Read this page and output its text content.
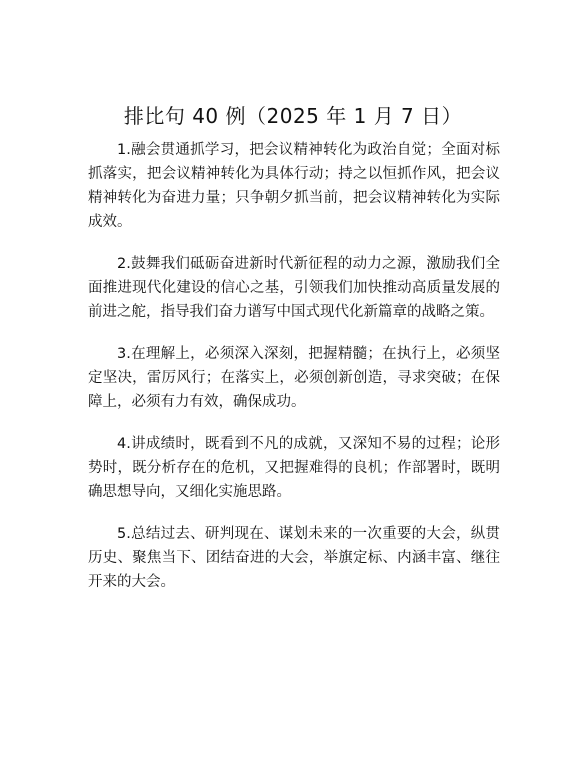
排比句 40 例（2025 年 1 月 7 日）

1.融会贯通抓学习，把会议精神转化为政治自觉；全面对标抓落实，把会议精神转化为具体行动；持之以恒抓作风，把会议精神转化为奋进力量；只争朝夕抓当前，把会议精神转化为实际成效。

2.鼓舞我们砥砺奋进新时代新征程的动力之源，激励我们全面推进现代化建设的信心之基，引领我们加快推动高质量发展的前进之舵，指导我们奋力谱写中国式现代化新篇章的战略之策。

3.在理解上，必须深入深刻，把握精髓；在执行上，必须坚定坚决，雷厉风行；在落实上，必须创新创造，寻求突破；在保障上，必须有力有效，确保成功。

4.讲成绩时，既看到不凡的成就，又深知不易的过程；论形势时，既分析存在的危机，又把握难得的良机；作部署时，既明确思想导向，又细化实施思路。

5.总结过去、研判现在、谋划未来的一次重要的大会，纵贯历史、聚焦当下、团结奋进的大会，举旗定标、内涵丰富、继往开来的大会。
